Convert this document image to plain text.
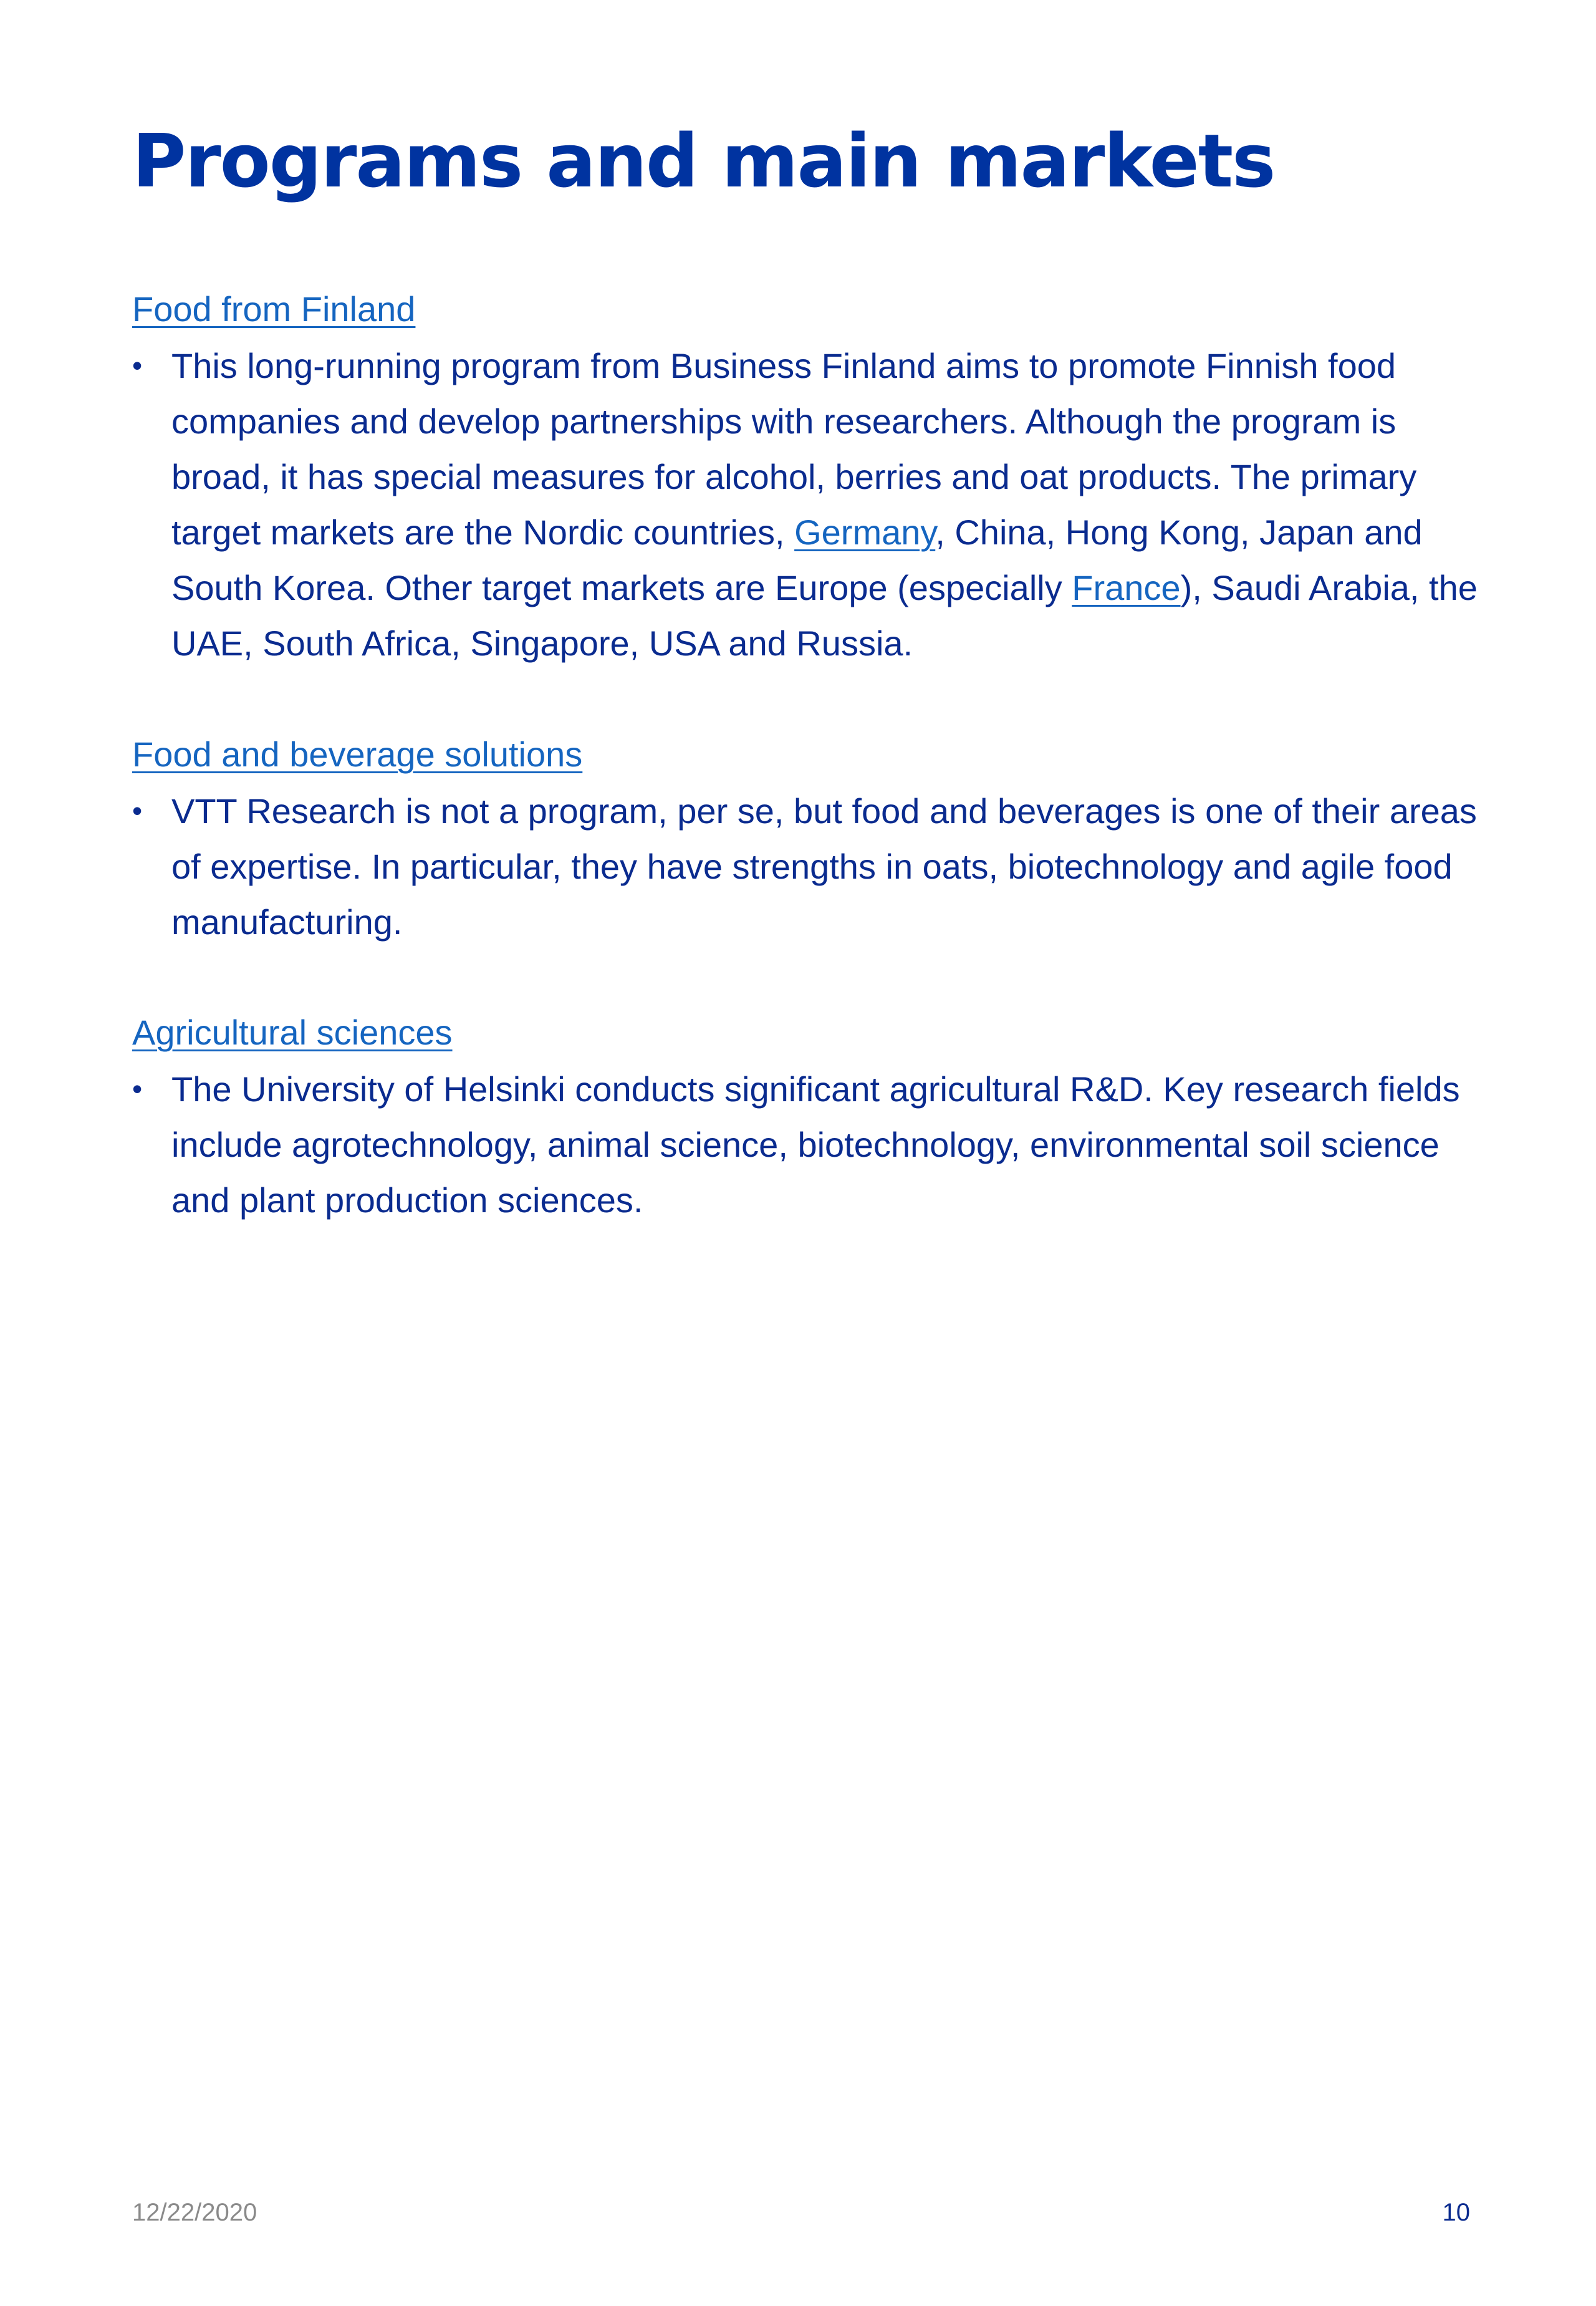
Programs and main markets
Food from Finland
• This long-running program from Business Finland aims to promote Finnish food companies and develop partnerships with researchers. Although the program is broad, it has special measures for alcohol, berries and oat products. The primary target markets are the Nordic countries, Germany, China, Hong Kong, Japan and South Korea. Other target markets are Europe (especially France), Saudi Arabia, the UAE, South Africa, Singapore, USA and Russia.
Food and beverage solutions
• VTT Research is not a program, per se, but food and beverages is one of their areas of expertise. In particular, they have strengths in oats, biotechnology and agile food manufacturing.
Agricultural sciences
• The University of Helsinki conducts significant agricultural R&D. Key research fields include agrotechnology, animal science, biotechnology, environmental soil science and plant production sciences.
12/22/2020	10
